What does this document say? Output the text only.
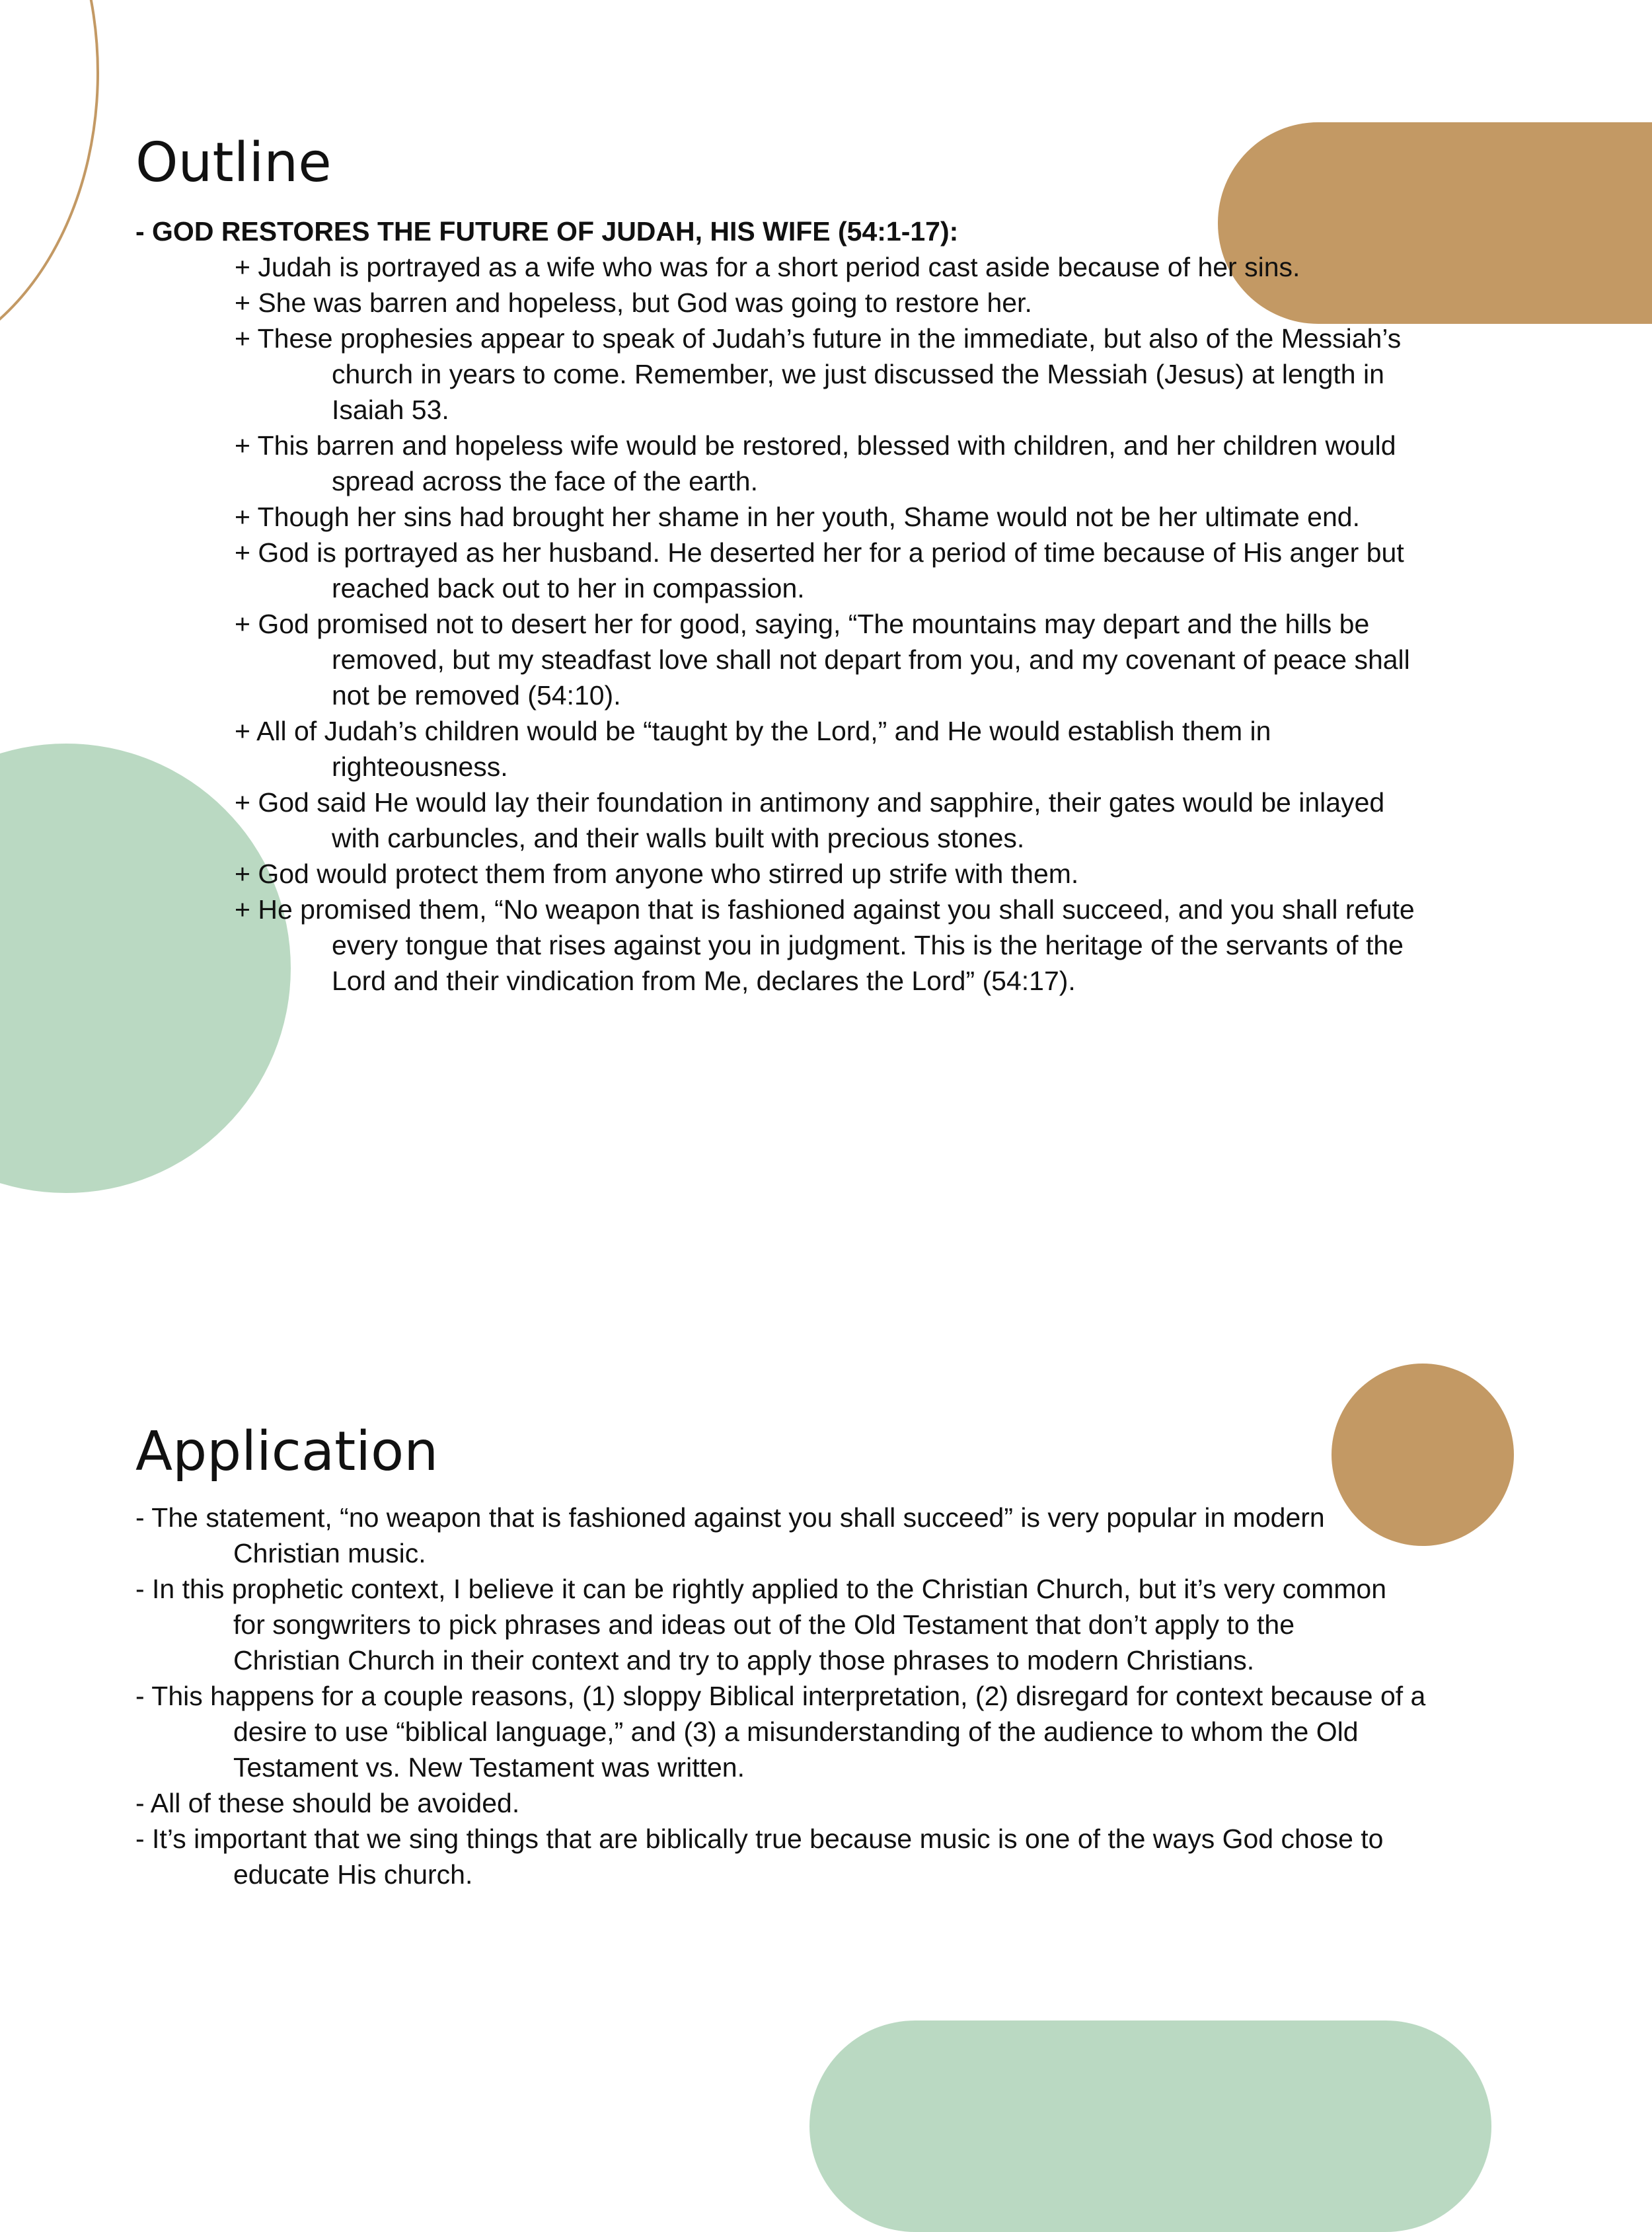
Outline
- GOD RESTORES THE FUTURE OF JUDAH, HIS WIFE (54:1-17):
+ Judah is portrayed as a wife who was for a short period cast aside because of her sins.
+ She was barren and hopeless, but God was going to restore her.
+ These prophesies appear to speak of Judah’s future in the immediate, but also of the Messiah’s
church in years to come. Remember, we just discussed the Messiah (Jesus) at length in
Isaiah 53.
+ This barren and hopeless wife would be restored, blessed with children, and her children would
spread across the face of the earth.
+ Though her sins had brought her shame in her youth, Shame would not be her ultimate end.
+ God is portrayed as her husband. He deserted her for a period of time because of His anger but
reached back out to her in compassion.
+ God promised not to desert her for good, saying, “The mountains may depart and the hills be
removed, but my steadfast love shall not depart from you, and my covenant of peace shall
not be removed (54:10).
+ All of Judah’s children would be “taught by the Lord,” and He would establish them in
righteousness.
+ God said He would lay their foundation in antimony and sapphire, their gates would be inlayed
with carbuncles, and their walls built with precious stones.
+ God would protect them from anyone who stirred up strife with them.
+ He promised them, “No weapon that is fashioned against you shall succeed, and you shall refute
every tongue that rises against you in judgment. This is the heritage of the servants of the
Lord and their vindication from Me, declares the Lord” (54:17).
Application
- The statement, “no weapon that is fashioned against you shall succeed” is very popular in modern
Christian music.
- In this prophetic context, I believe it can be rightly applied to the Christian Church, but it’s very common
for songwriters to pick phrases and ideas out of the Old Testament that don’t apply to the
Christian Church in their context and try to apply those phrases to modern Christians.
- This happens for a couple reasons, (1) sloppy Biblical interpretation, (2) disregard for context because of a
desire to use “biblical language,” and (3) a misunderstanding of the audience to whom the Old
Testament vs. New Testament was written.
- All of these should be avoided.
- It’s important that we sing things that are biblically true because music is one of the ways God chose to
educate His church.
